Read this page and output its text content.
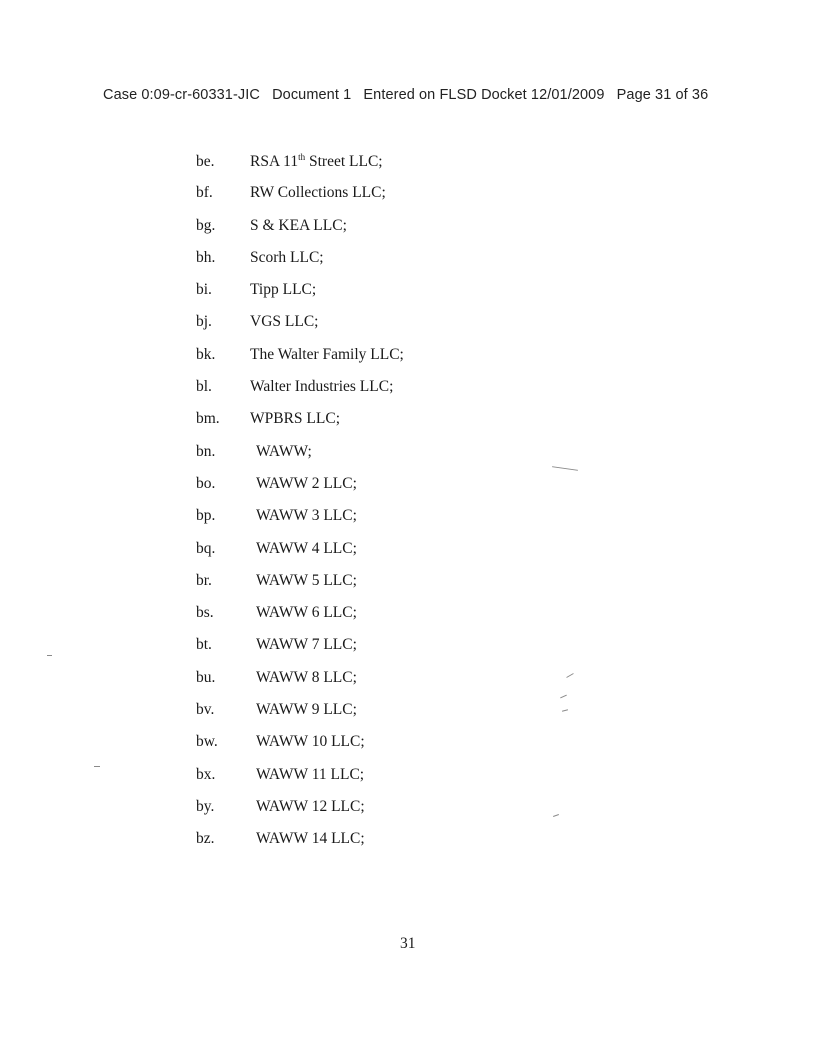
Case 0:09-cr-60331-JIC Document 1 Entered on FLSD Docket 12/01/2009 Page 31 of 36
be.	RSA 11th Street LLC;
bf.	RW Collections LLC;
bg.	S & KEA LLC;
bh.	Scorh LLC;
bi.	Tipp LLC;
bj.	VGS LLC;
bk.	The Walter Family LLC;
bl.	Walter Industries LLC;
bm.	WPBRS LLC;
bn.	WAWW;
bo.	WAWW 2 LLC;
bp.	WAWW 3 LLC;
bq.	WAWW 4 LLC;
br.	WAWW 5 LLC;
bs.	WAWW 6 LLC;
bt.	WAWW 7 LLC;
bu.	WAWW 8 LLC;
bv.	WAWW 9 LLC;
bw.	WAWW 10 LLC;
bx.	WAWW 11 LLC;
by.	WAWW 12 LLC;
bz.	WAWW 14 LLC;
31
